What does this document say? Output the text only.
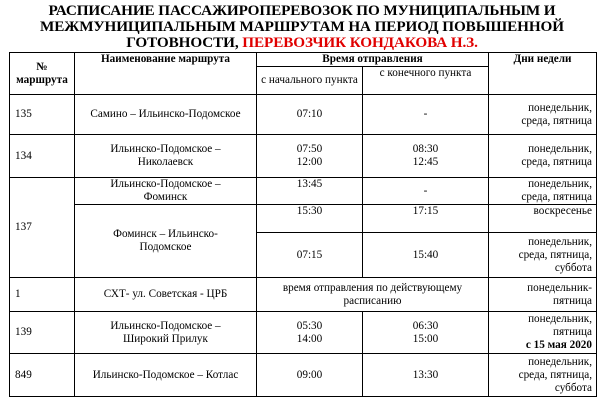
РАСПИСАНИЕ ПАССАЖИРОПЕРЕВОЗОК ПО МУНИЦИПАЛЬНЫМ И
МЕЖМУНИЦИПАЛЬНЫМ МАРШРУТАМ НА ПЕРИОД ПОВЫШЕННОЙ
ГОТОВНОСТИ, ПЕРЕВОЗЧИК КОНДАКОВА Н.З.
№
маршрута	Наименование маршрута	Время отправления		Дни недели
		с начального пункта	с конечного пункта	
135	Самино – Ильинско-Подомское	07:10	-	понедельник,
среда, пятница

134	Ильинско-Подомское –
Николаевск	07:50
12:00	08:30
12:45	понедельник,
среда, пятница

137	Ильинско-Подомское –
Фоминск	13:45	-	понедельник,
среда, пятница

	Фоминск – Ильинско-
Подомское	15:30	17:15	воскресенье
		07:15	15:40	понедельник,
среда, пятница,
суббота

1	СХТ- ул. Советская - ЦРБ	время отправления по действующему
расписанию		понедельник-
пятница

139	Ильинско-Подомское –
Широкий Прилук	05:30
14:00	06:30
15:00	понедельник,
пятница
с 15 мая 2020

849	Ильинско-Подомское – Котлас	09:00	13:30	понедельник,
среда, пятница,
суббота
